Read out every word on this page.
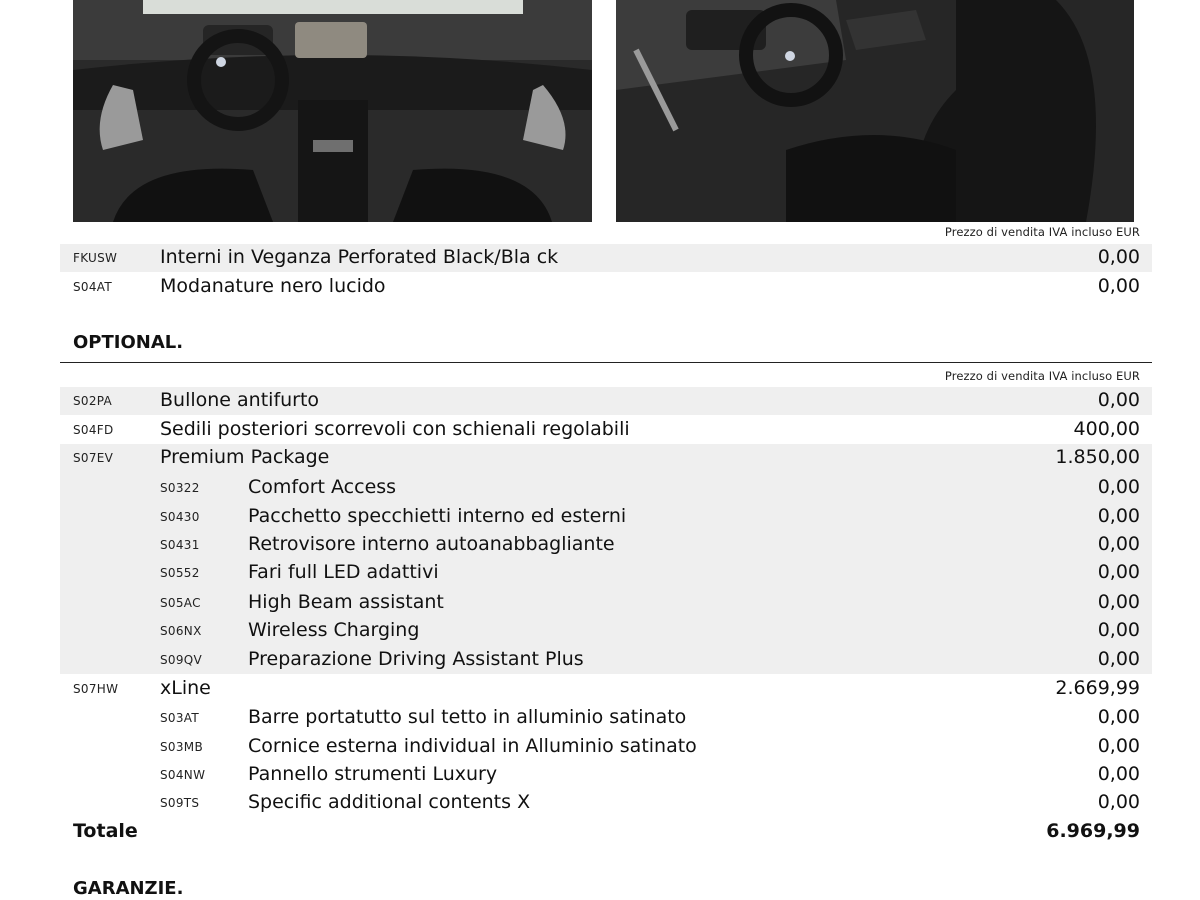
Prezzo di vendita IVA incluso EUR
FKUSW Interni in Veganza Perforated Black/Bla ck	0,00
S04AT	Modanature nero lucido	0,00
OPTIONAL.
Prezzo di vendita IVA incluso EUR
S02PA	Bullone antifurto	0,00
S04FD Sedili posteriori scorrevoli con schienali regolabili	400,00
S07EV Premium Package	1.850,00
S0322	Comfort Access	0,00
S0430	Pacchetto specchietti interno ed esterni	0,00
S0431	Retrovisore interno autoanabbagliante	0,00
S0552	Fari full LED adattivi	0,00
S05AC High Beam assistant	0,00
S06NX Wireless Charging	0,00
S09QV Preparazione Driving Assistant Plus	0,00
S07HW xLine	2.669,99
S03AT	Barre portatutto sul tetto in alluminio satinato	0,00
S03MB Cornice esterna individual in Alluminio satinato	0,00
S04NW Pannello strumenti Luxury	0,00
S09TS	Specific additional contents X	0,00
Totale	6.969,99
GARANZIE.
